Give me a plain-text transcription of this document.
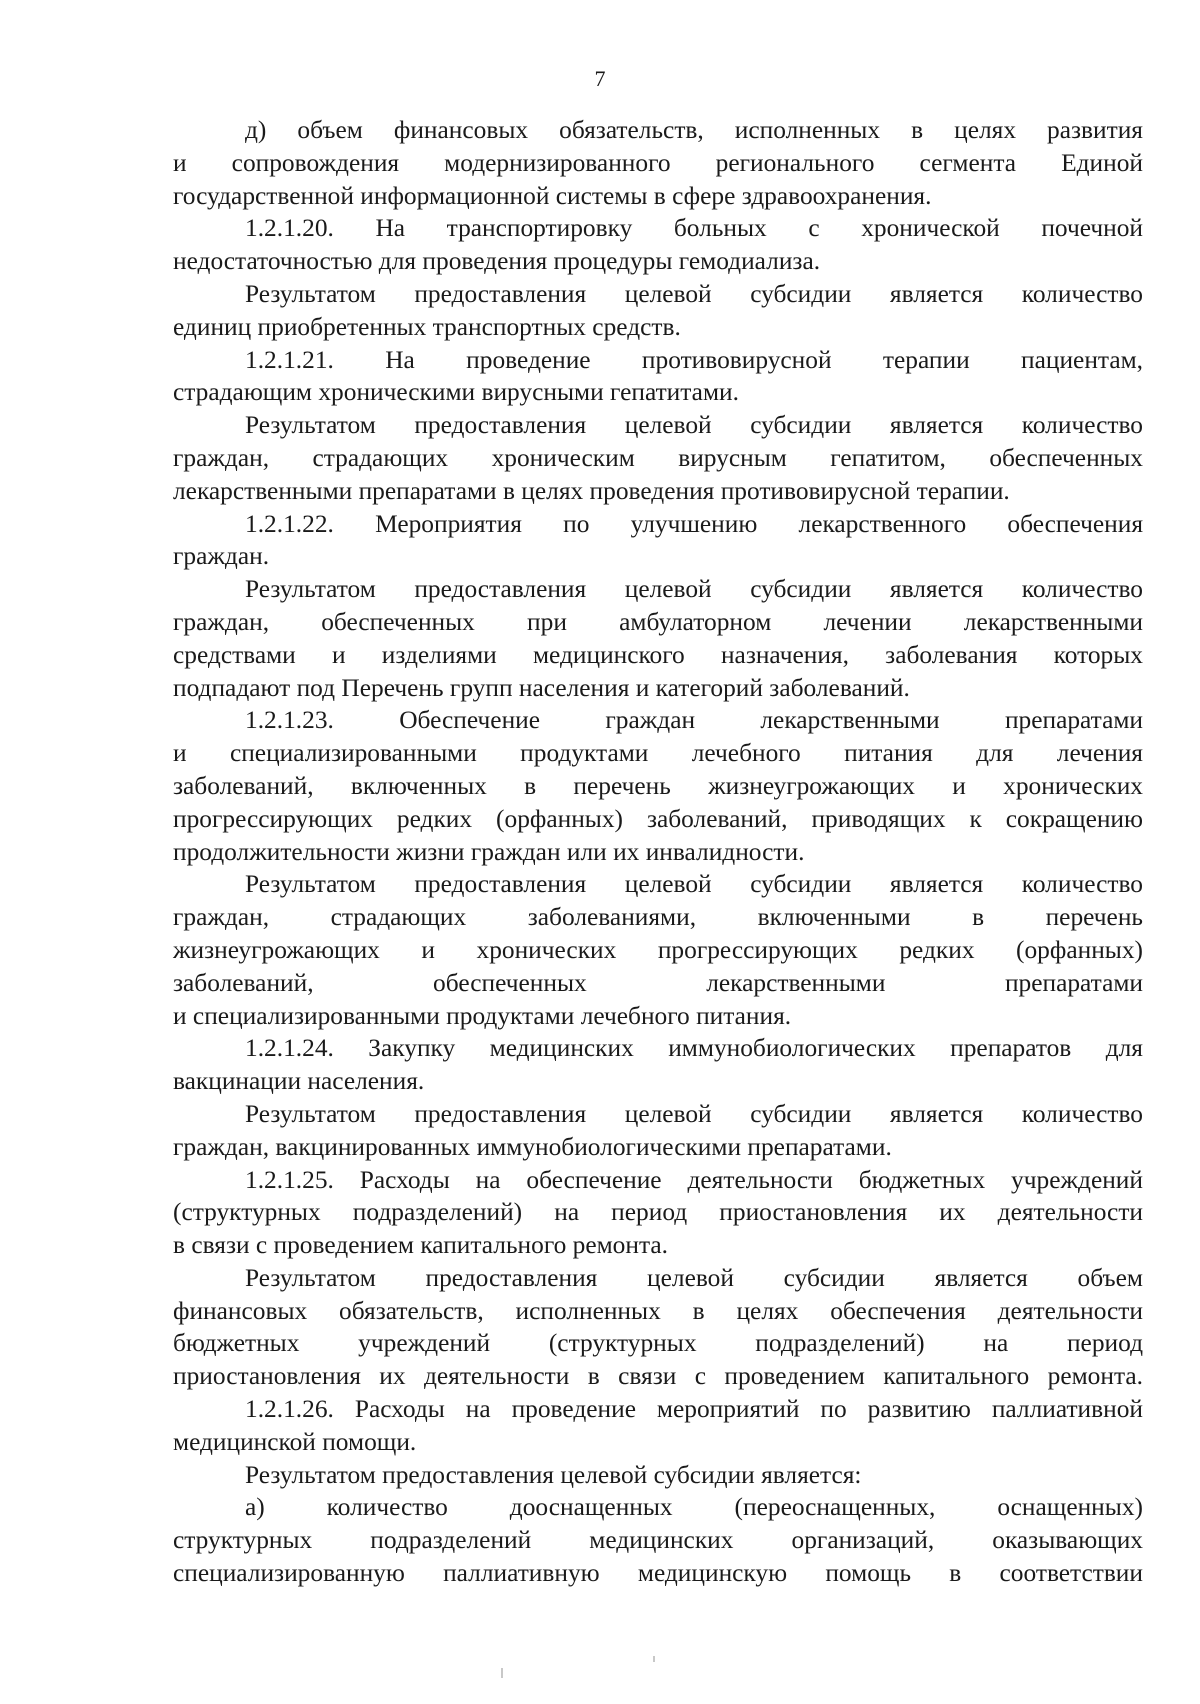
7
д) объем финансовых обязательств, исполненных в целях развития
и сопровождения модернизированного регионального сегмента Единой
государственной информационной системы в сфере здравоохранения.
1.2.1.20. На транспортировку больных с хронической почечной
недостаточностью для проведения процедуры гемодиализа.
Результатом предоставления целевой субсидии является количество
единиц приобретенных транспортных средств.
1.2.1.21. На проведение противовирусной терапии пациентам,
страдающим хроническими вирусными гепатитами.
Результатом предоставления целевой субсидии является количество
граждан, страдающих хроническим вирусным гепатитом, обеспеченных
лекарственными препаратами в целях проведения противовирусной терапии.
1.2.1.22. Мероприятия по улучшению лекарственного обеспечения
граждан.
Результатом предоставления целевой субсидии является количество
граждан, обеспеченных при амбулаторном лечении лекарственными
средствами и изделиями медицинского назначения, заболевания которых
подпадают под Перечень групп населения и категорий заболеваний.
1.2.1.23. Обеспечение граждан лекарственными препаратами
и специализированными продуктами лечебного питания для лечения
заболеваний, включенных в перечень жизнеугрожающих и хронических
прогрессирующих редких (орфанных) заболеваний, приводящих к сокращению
продолжительности жизни граждан или их инвалидности.
Результатом предоставления целевой субсидии является количество
граждан, страдающих заболеваниями, включенными в перечень
жизнеугрожающих и хронических прогрессирующих редких (орфанных)
заболеваний, обеспеченных лекарственными препаратами
и специализированными продуктами лечебного питания.
1.2.1.24. Закупку медицинских иммунобиологических препаратов для
вакцинации населения.
Результатом предоставления целевой субсидии является количество
граждан, вакцинированных иммунобиологическими препаратами.
1.2.1.25. Расходы на обеспечение деятельности бюджетных учреждений
(структурных подразделений) на период приостановления их деятельности
в связи с проведением капитального ремонта.
Результатом предоставления целевой субсидии является объем
финансовых обязательств, исполненных в целях обеспечения деятельности
бюджетных учреждений (структурных подразделений) на период
приостановления их деятельности в связи с проведением капитального ремонта.
1.2.1.26. Расходы на проведение мероприятий по развитию паллиативной
медицинской помощи.
Результатом предоставления целевой субсидии является:
а) количество дооснащенных (переоснащенных, оснащенных)
структурных подразделений медицинских организаций, оказывающих
специализированную паллиативную медицинскую помощь в соответствии
